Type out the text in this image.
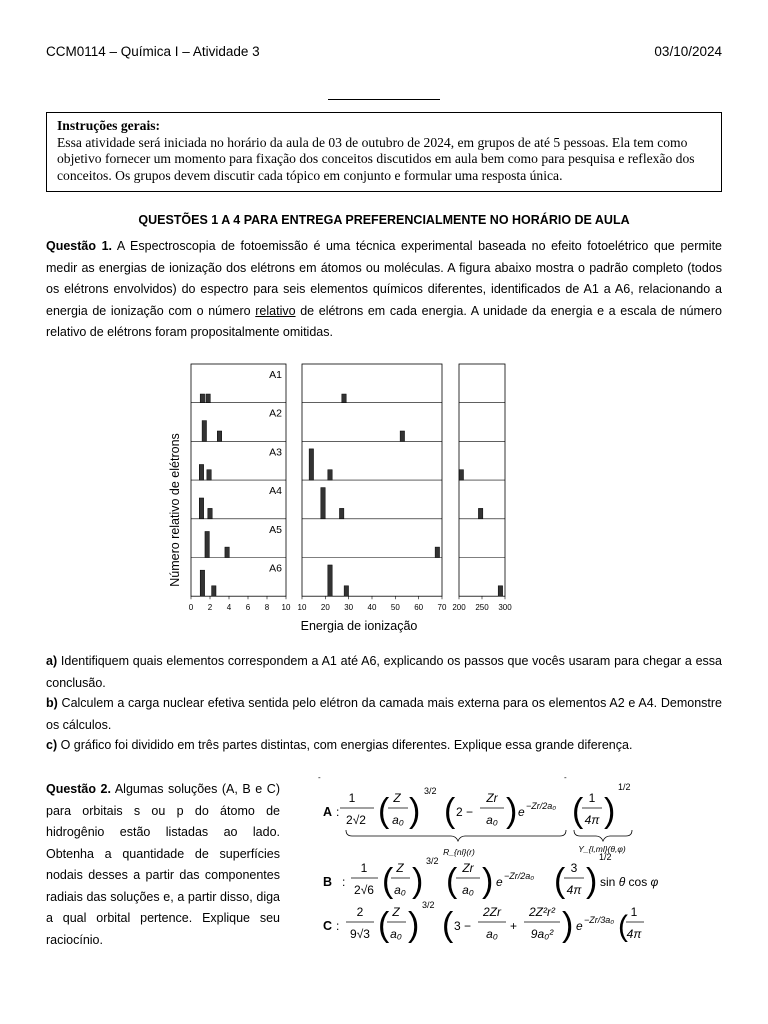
CCM0114 – Química I – Atividade 3	03/10/2024
Instruções gerais:
Essa atividade será iniciada no horário da aula de 03 de outubro de 2024, em grupos de até 5 pessoas. Ela tem como objetivo fornecer um momento para fixação dos conceitos discutidos em aula bem como para pesquisa e reflexão dos conceitos. Os grupos devem discutir cada tópico em conjunto e formular uma resposta única.
QUESTÕES 1 A 4 PARA ENTREGA PREFERENCIALMENTE NO HORÁRIO DE AULA
Questão 1. A Espectroscopia de fotoemissão é uma técnica experimental baseada no efeito fotoelétrico que permite medir as energias de ionização dos elétrons em átomos ou moléculas. A figura abaixo mostra o padrão completo (todos os elétrons envolvidos) do espectro para seis elementos químicos diferentes, identificados de A1 a A6, relacionando a energia de ionização com o número relativo de elétrons em cada energia. A unidade da energia e a escala de número relativo de elétrons foram propositalmente omitidas.
A1
A2
A3
A4
A5
A6
0 2 4 6 8 10 10 20 30 40 50 60 70 200 250 300
Número relativo de elétrons
Energia de ionização
a) Identifiquem quais elementos correspondem a A1 até A6, explicando os passos que vocês usaram para chegar a essa conclusão.
b) Calculem a carga nuclear efetiva sentida pelo elétron da camada mais externa para os elementos A2 e A4. Demonstre os cálculos.
c) O gráfico foi dividido em três partes distintas, com energias diferentes. Explique essa grande diferença.
Questão 2. Algumas soluções (A, B e C) para orbitais s ou p do átomo de hidrogênio estão listadas ao lado. Obtenha a quantidade de superfícies nodais desses a partir das componentes radiais das soluções e, a partir disso, diga a qual orbital pertence. Explique seu raciocínio.
-	-
A :
1
2√2 ( Z
a₀ )
3/2
( 2 −
Zr
a₀ ) e −Zr/2a₀ ( 1
4π )
1/2
R_{nl}(r)	Y_{l,ml}(θ,φ)
B :
1
2√6 ( Z
a₀ )
3/2
( Zr
a₀ ) e −Zr/2a₀ ( 3
4π )
1/2
sin θ cos φ
C :
2
9√3 ( Z
a₀ )
3/2
( 3 −
2Zr
a₀
+
2Z²r²
9a₀² ) e −Zr/3a₀ ( 1
4π
